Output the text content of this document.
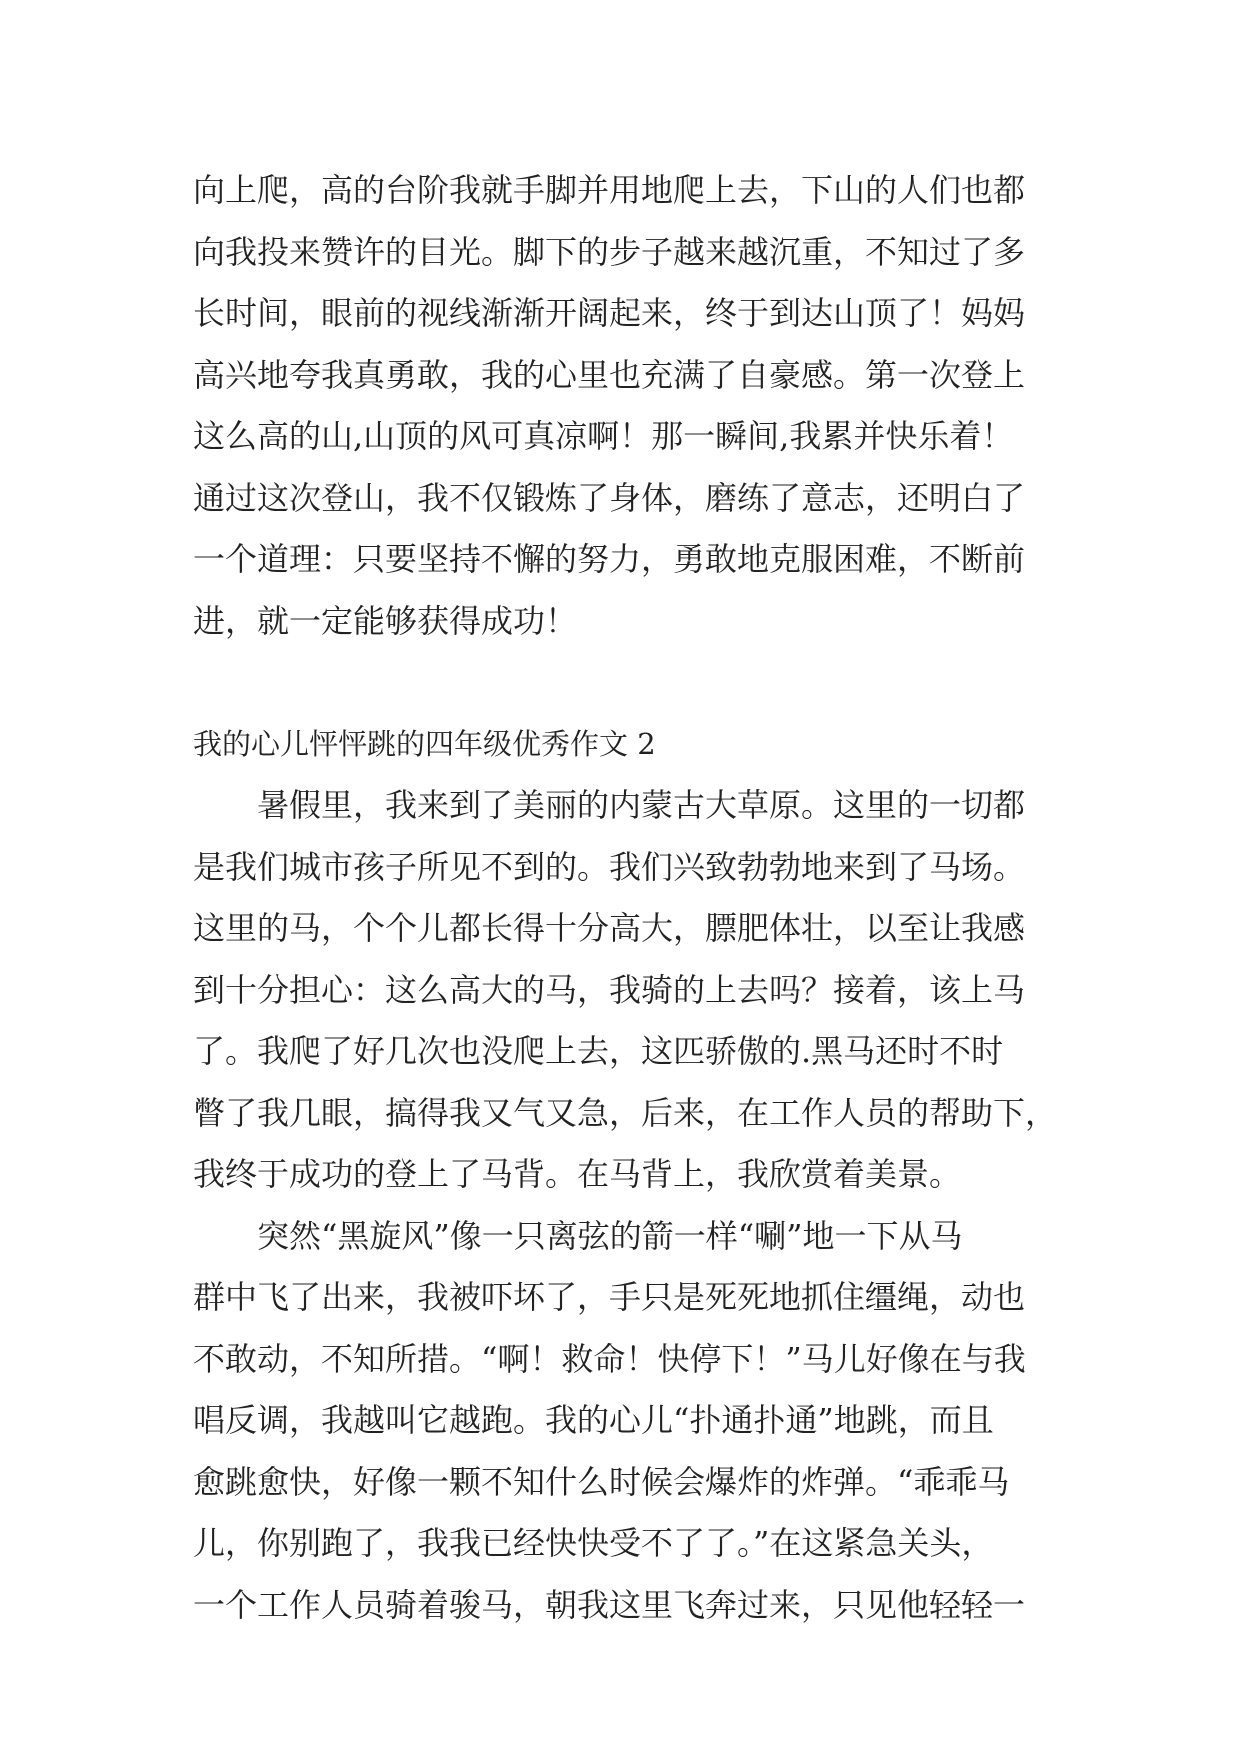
向上爬，高的台阶我就手脚并用地爬上去，下山的人们也都
向我投来赞许的目光。脚下的步子越来越沉重，不知过了多
长时间，眼前的视线渐渐开阔起来，终于到达山顶了！妈妈
高兴地夸我真勇敢，我的心里也充满了自豪感。第一次登上
这么高的山,山顶的风可真凉啊！那一瞬间,我累并快乐着！
通过这次登山，我不仅锻炼了身体，磨练了意志，还明白了
一个道理：只要坚持不懈的努力，勇敢地克服困难，不断前
进，就一定能够获得成功！
我的心儿怦怦跳的四年级优秀作文 2
暑假里，我来到了美丽的内蒙古大草原。这里的一切都
是我们城市孩子所见不到的。我们兴致勃勃地来到了马场。
这里的马，个个儿都长得十分高大，膘肥体壮，以至让我感
到十分担心：这么高大的马，我骑的上去吗？接着，该上马
了。我爬了好几次也没爬上去，这匹骄傲的.黑马还时不时
瞥了我几眼，搞得我又气又急，后来，在工作人员的帮助下，
我终于成功的登上了马背。在马背上，我欣赏着美景。
突然“黑旋风”像一只离弦的箭一样“唰”地一下从马
群中飞了出来，我被吓坏了，手只是死死地抓住缰绳，动也
不敢动，不知所措。“啊！救命！快停下！”马儿好像在与我
唱反调，我越叫它越跑。我的心儿“扑通扑通”地跳，而且
愈跳愈快，好像一颗不知什么时候会爆炸的炸弹。“乖乖马
儿，你别跑了，我我已经快快受不了了。”在这紧急关头，
一个工作人员骑着骏马，朝我这里飞奔过来，只见他轻轻一
